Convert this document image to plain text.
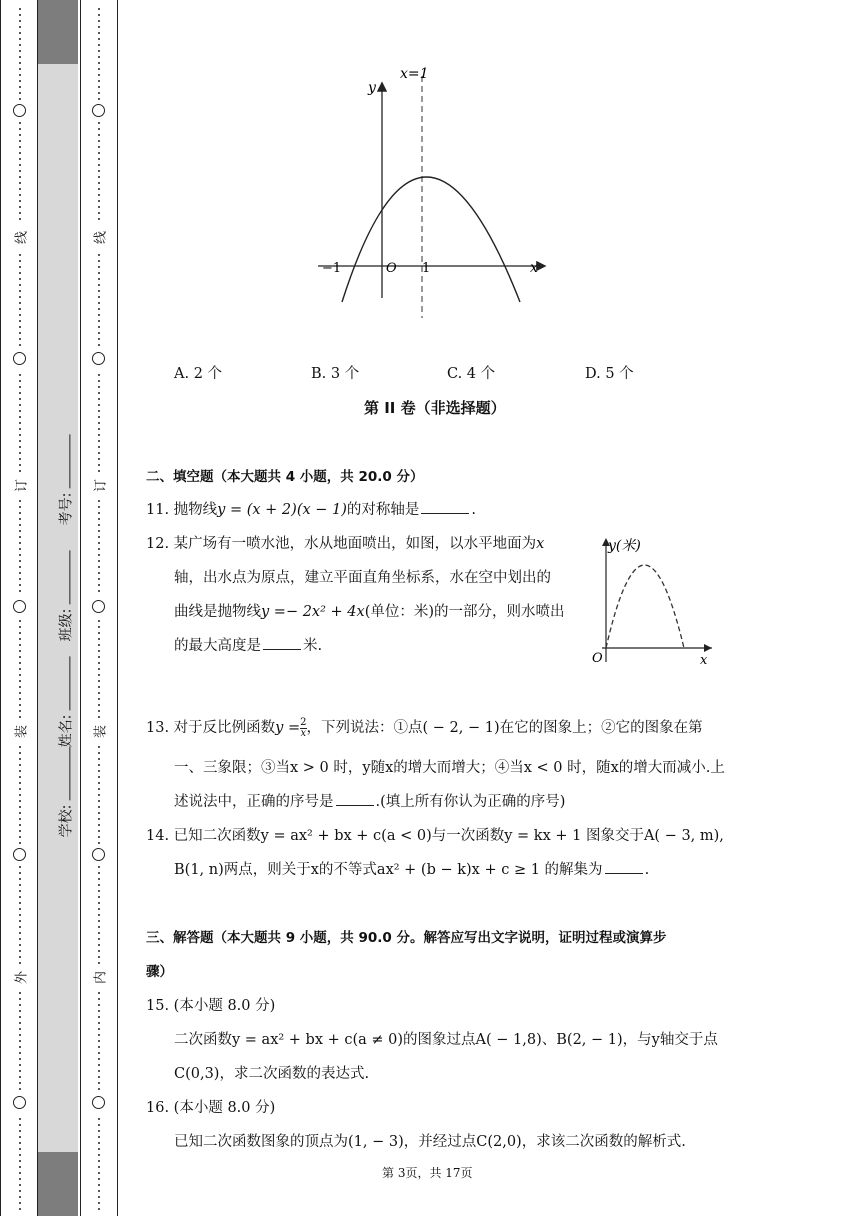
线
订
装
外
线
订
装
内
学校:
姓名:
班级:
考号:
x=1
y
x
O
−1	1
A. 2 个	B. 3 个	C. 4 个	D. 5 个
第 II 卷（非选择题）
二、填空题（本大题共 4 小题，共 20.0 分）
11. 抛物线y = (x + 2)(x − 1)的对称轴是	.
12. 某广场有一喷水池，水从地面喷出，如图，以水平地面为x
轴，出水点为原点，建立平面直角坐标系，水在空中划出的
曲线是抛物线y =− 2x² + 4x(单位：米)的一部分，则水喷出
的最大高度是	米.
y(米)
O	x
13. 对于反比例函数$y = \frac{2}{x}$ ，下列说法：①点( − 2, − 1)在它的图象上；②它的图象在第
一、三象限；③当x > 0 时，y随x的增大而增大；④当x < 0 时，随x的增大而减小.上
述说法中，正确的序号是	.(填上所有你认为正确的序号)
14. 已知二次函数y = ax² + bx + c(a < 0)与一次函数y = kx + 1 图象交于A( − 3, m),
B(1, n)两点，则关于x的不等式ax² + (b − k)x + c ≥ 1 的解集为	.
三、解答题（本大题共 9 小题，共 90.0 分。解答应写出文字说明，证明过程或演算步
骤）
15. (本小题 8.0 分)
二次函数y = ax² + bx + c(a ≠ 0)的图象过点A( − 1,8)、B(2, − 1)，与y轴交于点
C(0,3)，求二次函数的表达式.
16. (本小题 8.0 分)
已知二次函数图象的顶点为(1, − 3)，并经过点C(2,0)，求该二次函数的解析式.
第 3页，共 17页
